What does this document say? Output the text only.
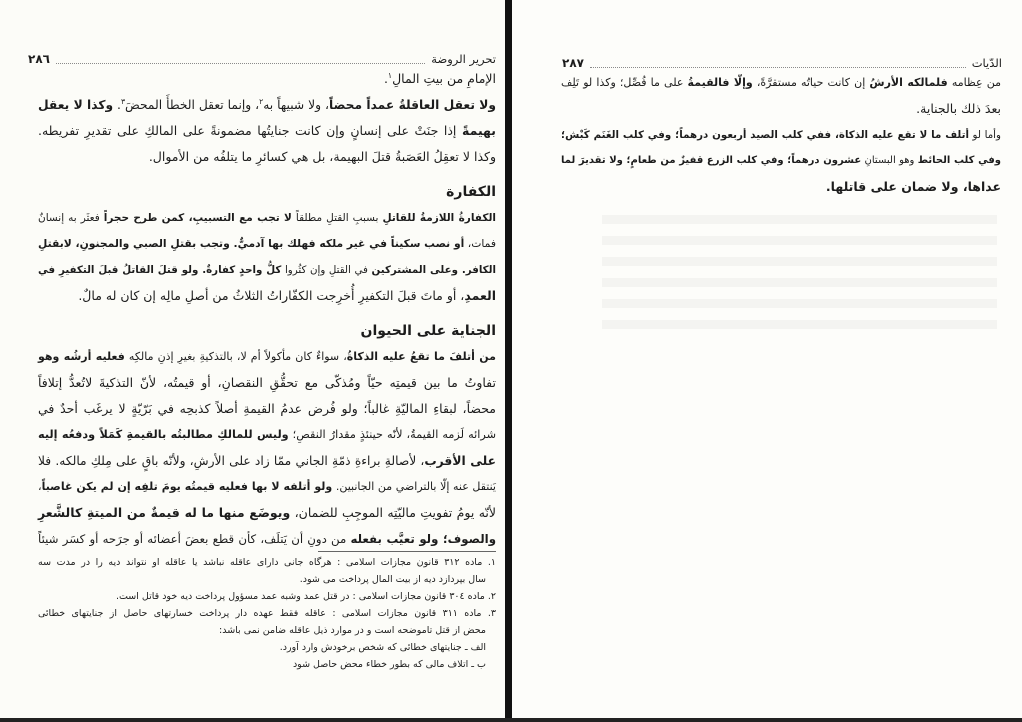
تحرير الروضة
٢٨٦
الإمامِ من بيتِ المالِ$^١$.
ولا تعقل العاقلةُ عمداً محضاً، ولا شبيهاً به$^٢$، وإنما تعقل الخطأَ المحضَ$^٣$. وكذا لا يعقل
بهيمةً إذا جنَتْ على إنسانٍ وإن كانت جنايتُها مضمونةً على المالكِ على تقديرِ تفريطه.
وكذا لا تعقِلُ العَصَبةُ قتلَ البهيمة، بل هي كسائرِ ما يتلفُه من الأموال.
الكفارة
الكفارةُ اللازمةُ للقاتلِ بسببِ القتلِ مطلقاً لا تجب مع التسبيبِ، كمن طرح حجراً فعثَر به إنسانٌ
فمات، أو نصب سكيناً في غير ملكه فهلك بها آدميٌّ. وتجب بقتلِ الصبي والمجنونِ، لابقتلِ
الكافر. وعلى المشتركين في القتلِ وإن كثُروا كلُّ واحدٍ كفارةٌ. ولو قتلَ القاتلُ قبلَ التكفيرِ في
العمدِ، أو ماتَ قبلَ التكفيرِ أُخرِجت الكفّاراتُ الثلاثُ من أصلِ مالِه إن كان له مالٌ.
الجناية على الحيوان
من أتلفَ ما تقعُ عليه الذكاةُ، سواءٌ كان مأكولاً أم لا، بالتذكيةِ بغيرِ إذنِ مالكِه فعليه أرشُه وهو
تفاوتُ ما بين قيمتِه حيّاً ومُذكّى مع تحقُّقِ النقصانِ، أو قيمتُه، لأنّ التذكيةَ لاتُعدُّ إتلافاً
محضاً، لبقاءِ الماليّةِ غالباً؛ ولو فُرض عدمُ القيمةِ أصلاً كذبحِه في بَرّيّةٍ لا يرغَب أحدٌ في
شرائه لَزمه القيمةُ، لأنّه حينئذٍ مقدارُ النقصِ؛ وليس للمالكِ مطالبتُه بالقيمةِ كَمَلاً ودفعُه إليه
على الأقرب، لأصالةِ براءةِ ذمّةِ الجاني ممّا زاد على الأرشِ، ولأنّه باقٍ على مِلكِ مالكه. فلا
يَنتقل عنه إلّا بالتراضي من الجانبين. ولو أتلفه لا بها فعليه قيمتُه يومَ تلفِه إن لم يكن غاصباً،
لأنّه يومُ تفويتِ ماليّتِه الموجِبِ للضمان، ويوضَع منها ما له قيمةٌ من الميتةِ كالشَّعرِ
والصوف؛ ولو تعيَّب بفعله من دونِ أن يَتلَف، كأن قطع بعضَ أعضائه أو جرَحه أو كسَر شيئاً
١. ماده ٣١٢ قانون مجازات اسلامی : هرگاه جانی دارای عاقله نباشد یا عاقله او نتواند دیه را در مدت سه
سال بپردازد دیه از بیت المال پرداخت می شود.
٢. ماده ٣٠٤ قانون مجازات اسلامی : در قتل عمد وشبه عمد مسؤول پرداخت دیه خود قاتل است.
٣. ماده ٣١١ قانون مجازات اسلامی : عاقله فقط عهده دار پرداخت خسارتهای حاصل از جنایتهای خطائی
محض از قتل تاموضحه است و در موارد ذیل عاقله ضامن نمی باشد:
الف ـ جنایتهای خطائی که شخص برخودش وارد آورد.
ب ـ اتلاف مالی که بطور خطاء محض حاصل شود
الدّيات
٢٨٧
من عِظامه فلمالكه الأرشُ إن كانت حياتُه مستقرَّةً، وإلّا فالقيمةُ على ما فُصِّل؛ وكذا لو تَلِف
بعدَ ذلك بالجناية.
وأما لو أتلف ما لا تقع عليه الذكاة، ففي كلب الصيد أربعون درهماً؛ وفي كلب الغَنَم كَبْش؛
وفي كلب الحائط وهو البستانِ عشرون درهماً؛ وفي كلب الزرع قفيزٌ من طعامٍ؛ ولا تقديرَ لما
عداها، ولا ضمان على قاتلها.
